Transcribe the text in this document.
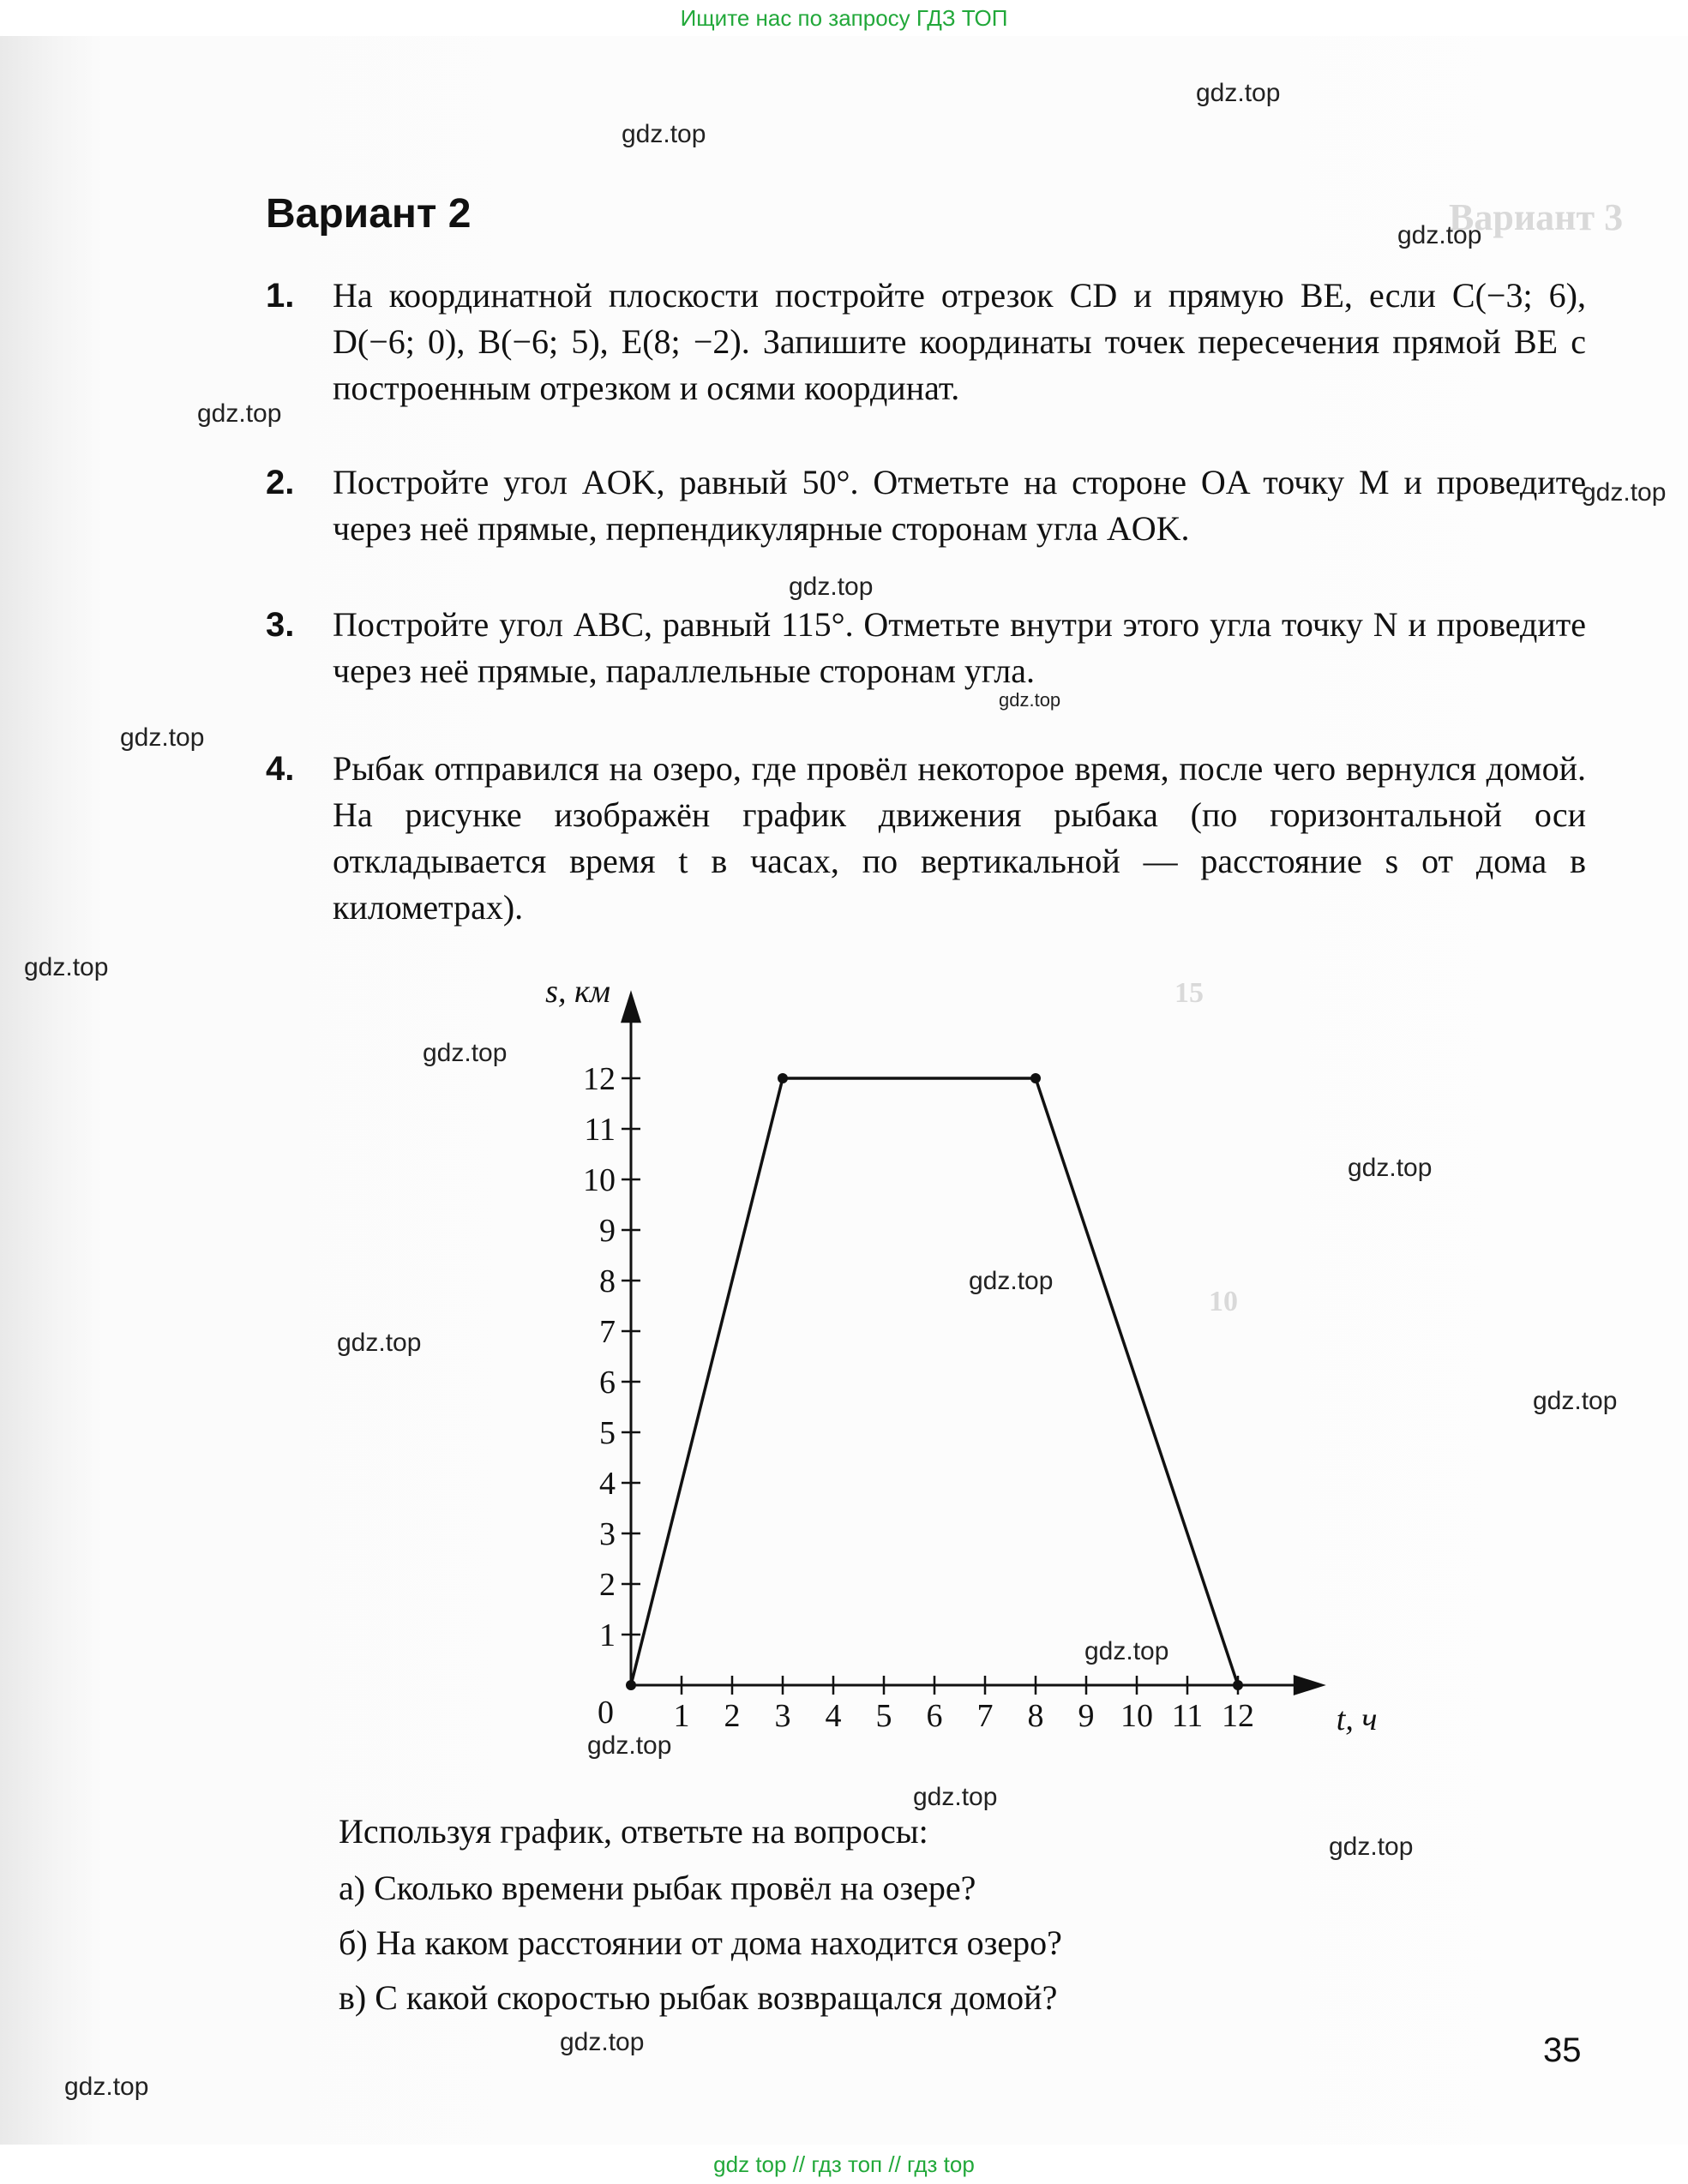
Вариант 3
15
10
Ищите нас по запросу ГДЗ ТОП
Вариант 2
1. На координатной плоскости постройте отрезок CD и прямую BE, если C(−3; 6), D(−6; 0), B(−6; 5), E(8; −2). Запишите координаты точек пересечения прямой BE с построенным отрезком и осями координат.
2. Постройте угол AOK, равный 50°. Отметьте на стороне OA точку M и проведите через неё прямые, перпендикулярные сторонам угла AOK.
3. Постройте угол ABC, равный 115°. Отметьте внутри этого угла точку N и проведите через неё прямые, параллельные сторонам угла.
4. Рыбак отправился на озеро, где провёл некоторое время, после чего вернулся домой. На рисунке изображён график движения рыбака (по горизонтальной оси откладывается время t в часах, по вертикальной — расстояние s от дома в километрах).
1 2 3 4 5 6 7 8 9 10 11 12
1
2
3
4
5
6
7
8
9
10
11
12
0
s, км
t, ч
Используя график, ответьте на вопросы:
а) Сколько времени рыбак провёл на озере?
б) На каком расстоянии от дома находится озеро?
в) С какой скоростью рыбак возвращался домой?
35
gdz.top
gdz.top
gdz.top
gdz.top
gdz.top
gdz.top
gdz.top
gdz.top
gdz.top
gdz.top
gdz.top
gdz.top
gdz.top
gdz.top
gdz.top
gdz.top
gdz.top
gdz.top
gdz.top
gdz.top
gdz top // гдз топ // гдз top
